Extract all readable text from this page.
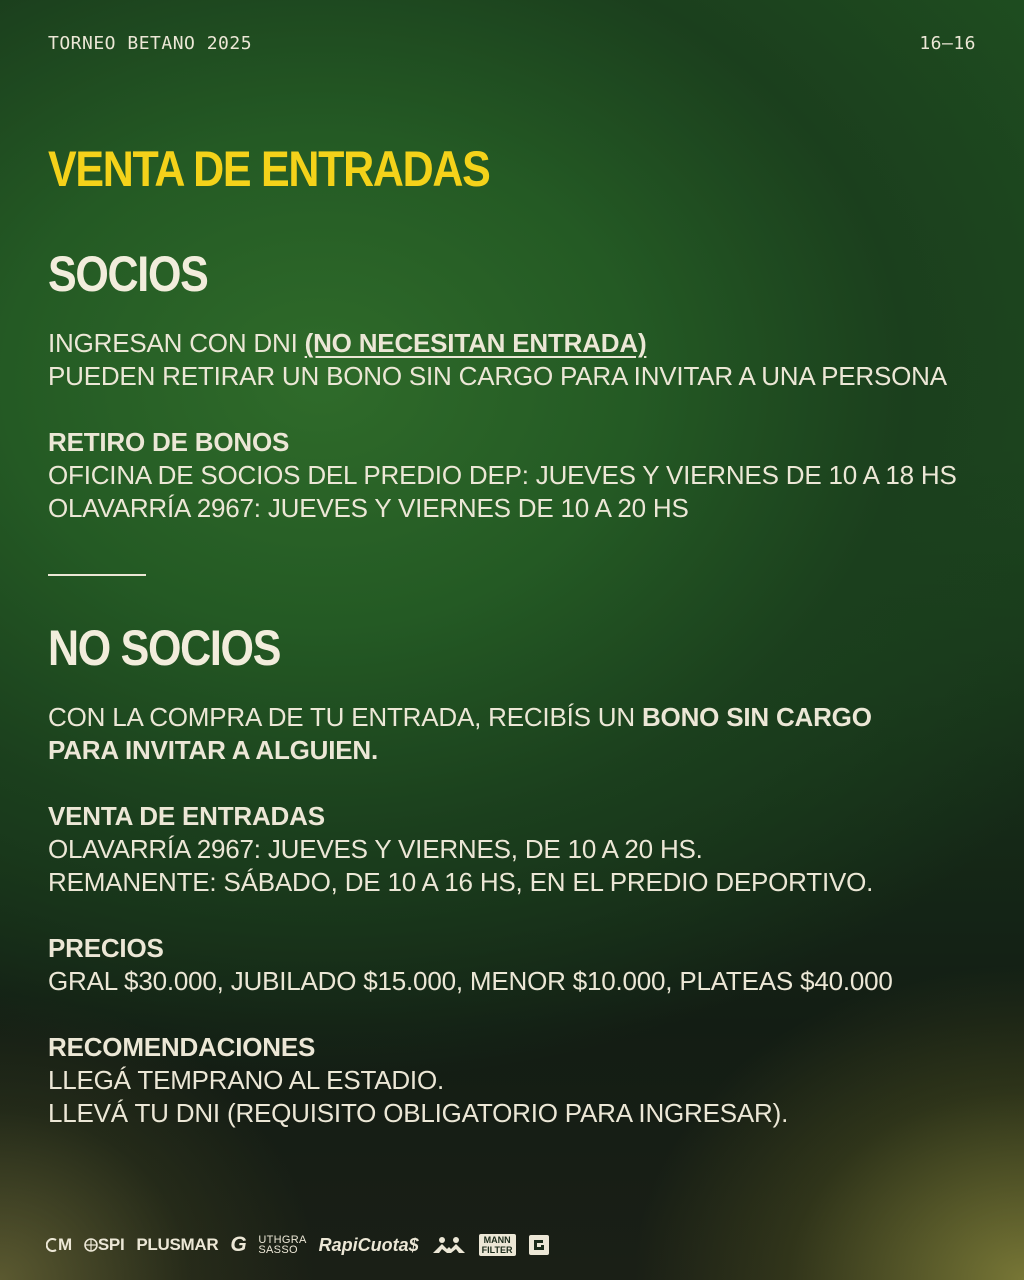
TORNEO BETANO 2025	16—16
VENTA DE ENTRADAS
SOCIOS
INGRESAN CON DNI (NO NECESITAN ENTRADA)
PUEDEN RETIRAR UN BONO SIN CARGO PARA INVITAR A UNA PERSONA
RETIRO DE BONOS
OFICINA DE SOCIOS DEL PREDIO DEP: JUEVES Y VIERNES DE 10 A 18 HS
OLAVARRÍA 2967: JUEVES Y VIERNES DE 10 A 20 HS
NO SOCIOS
CON LA COMPRA DE TU ENTRADA, RECIBÍS UN BONO SIN CARGO
PARA INVITAR A ALGUIEN.
VENTA DE ENTRADAS
OLAVARRÍA 2967: JUEVES Y VIERNES, DE 10 A 20 HS.
REMANENTE: SÁBADO, DE 10 A 16 HS, EN EL PREDIO DEPORTIVO.
PRECIOS
GRAL $30.000, JUBILADO $15.000, MENOR $10.000, PLATEAS $40.000
RECOMENDACIONES
LLEGÁ TEMPRANO AL ESTADIO.
LLEVÁ TU DNI (REQUISITO OBLIGATORIO PARA INGRESAR).
M SPI PLUSMAR G UTHGRA
SASSO RapiCuota$	MANN
FILTER
